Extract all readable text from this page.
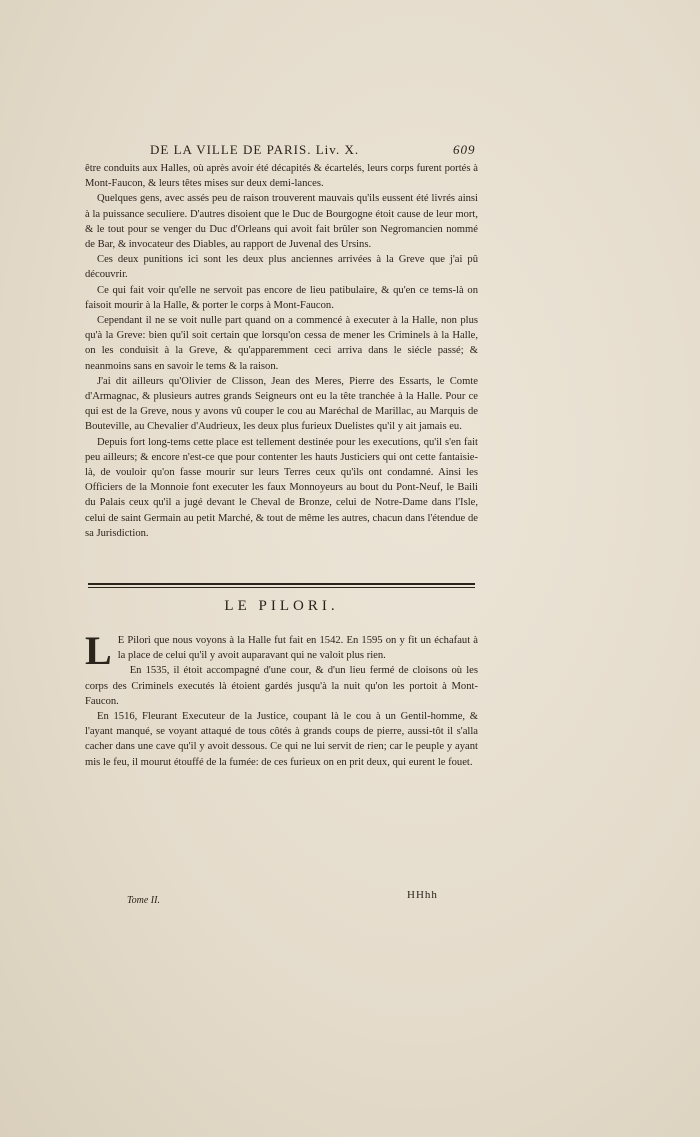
DE LA VILLE DE PARIS. Liv. X.	609

être conduits aux Halles, où après avoir été décapités & écartelés, leurs corps furent portés à Mont-Faucon, & leurs têtes mises sur deux demi-lances.

Quelques gens, avec assés peu de raison trouverent mauvais qu'ils eussent été livrés ainsi à la puissance seculiere. D'autres disoient que le Duc de Bourgogne étoit cause de leur mort, & le tout pour se venger du Duc d'Orleans qui avoit fait brûler son Negromancien nommé de Bar, & invocateur des Diables, au rapport de Juvenal des Ursins.

Ces deux punitions ici sont les deux plus anciennes arrivées à la Greve que j'ai pû découvrir.

Ce qui fait voir qu'elle ne servoit pas encore de lieu patibulaire, & qu'en ce tems-là on faisoit mourir à la Halle, & porter le corps à Mont-Faucon.

Cependant il ne se voit nulle part quand on a commencé à executer à la Halle, non plus qu'à la Greve: bien qu'il soit certain que lorsqu'on cessa de mener les Criminels à la Halle, on les conduisit à la Greve, & qu'apparemment ceci arriva dans le siécle passé; & neanmoins sans en savoir le tems & la raison.

J'ai dit ailleurs qu'Olivier de Clisson, Jean des Meres, Pierre des Essarts, le Comte d'Armagnac, & plusieurs autres grands Seigneurs ont eu la tête tranchée à la Halle. Pour ce qui est de la Greve, nous y avons vû couper le cou au Maréchal de Marillac, au Marquis de Bouteville, au Chevalier d'Audrieux, les deux plus furieux Duelistes qu'il y ait jamais eu.

Depuis fort long-tems cette place est tellement destinée pour les executions, qu'il s'en fait peu ailleurs; & encore n'est-ce que pour contenter les hauts Justiciers qui ont cette fantaisie-là, de vouloir qu'on fasse mourir sur leurs Terres ceux qu'ils ont condamné. Ainsi les Officiers de la Monnoie font executer les faux Monnoyeurs au bout du Pont-Neuf, le Baili du Palais ceux qu'il a jugé devant le Cheval de Bronze, celui de Notre-Dame dans l'Isle, celui de saint Germain au petit Marché, & tout de même les autres, chacun dans l'étendue de sa Jurisdiction.

LE PILORI.

L E Pilori que nous voyons à la Halle fut fait en 1542. En 1595 on y fit un échafaut à la place de celui qu'il y avoit auparavant qui ne valoit plus rien.

En 1535, il étoit accompagné d'une cour, & d'un lieu fermé de cloisons où les corps des Criminels executés là étoient gardés jusqu'à la nuit qu'on les portoit à Mont-Faucon.

En 1516, Fleurant Executeur de la Justice, coupant là le cou à un Gentil-homme, & l'ayant manqué, se voyant attaqué de tous côtés à grands coups de pierre, aussi-tôt il s'alla cacher dans une cave qu'il y avoit dessous. Ce qui ne lui servit de rien; car le peuple y ayant mis le feu, il mourut étouffé de la fumée: de ces furieux on en prit deux, qui eurent le fouet.

Tome II.	HHhh
